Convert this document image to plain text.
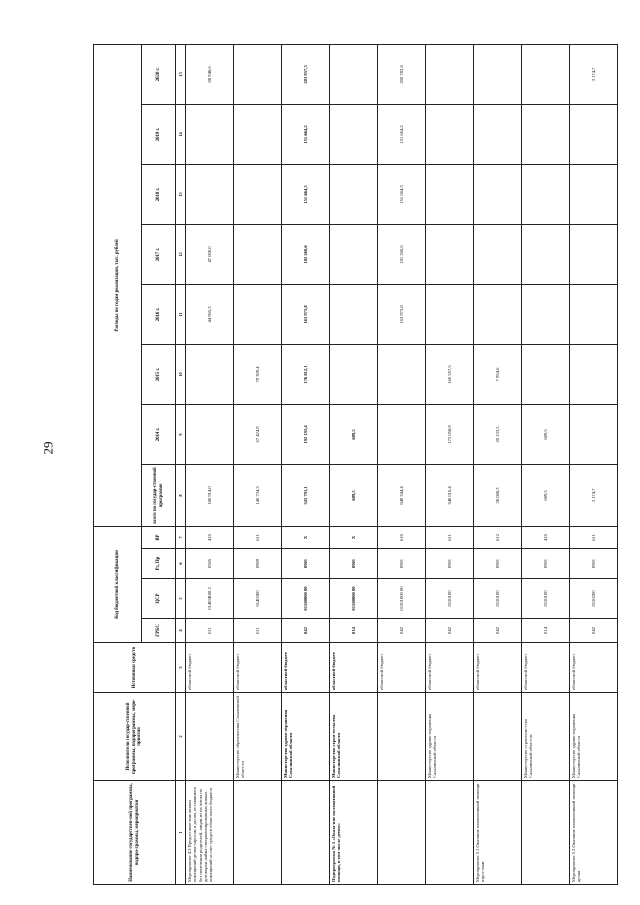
29
Наименование государствен-ной программы, подпро-граммы, мероприятия	Исполнители государ-ственной программы, подпрограммы, меро-приятия	Источники средств	Код бюджетной классификации				Расходы по годам реализации, тыс. рублей							
			ГРБС	ЦСР	Рз, Пр	ВР	всего по государ-ственной программе	2014 г.	2015 г.	2016 г.	2017 г.	2018 г.	2019 г.	2020 г.

1	2	3	4	5	6	7	8	9	10	11	12	13	14	15
Мероприятие 4.3 Предоставле-ние жилых помещений детям-сиротам и детям, оставшимся без попечения родителей, лицам из их числа по договорам найма специализированных жилых помещений за счет средств областного бюджета		областной бюджет	011	01403R08 2	0505	410	180 914,0			44 965,3	47 000,0			88 948,6
	Министерство образова-ния Сахалинской обла-сти	областной бюджет	011	0140300	0909	611	146 734,3	67 424,9	79 309,4					
	Министерство здраво-охранения Сахалинской области	областной бюджет	042	01500000 00	0901	X	343 791,1	192 192,4	176 812,1	163 972,8	182 260,6	151 664,3	151 664,2	203 957,3
Подпрограмма № 5 «Оказа-ние паллиативной помощи, в том числе детям»	Министерство строи-тельства Сахалинской области	областной бюджет	014	01500000 00	0901	X	689,5	689,5						
		областной бюджет	042	01501000 00	0901	610	849 344,4			163 972,8	181 260,6	151 664,3	151 664,2	200 782,6
	Министерство здраво-охранения Сахалинской области	областной бюджет	042	0150100	0901	611	340 016,4	172 058,9	166 557,5					
Мероприятие 5.1 Оказание паллиативной помощи взрос-лым		областной бюджет	042	0150100	0901	612	28 088,3	20 133,5	7 954,6					
	Министерство строитель-ства Сахалинской обла-сти	областной бюджет	014	0150100	0901	410	689,5	689,5						
Мероприятие 5.2 Оказание паллиативной помощи детям	Министерство здраво-охранения Сахалинской области	областной бюджет	042	0150200	0901	611	3 174,7							3 174,7
